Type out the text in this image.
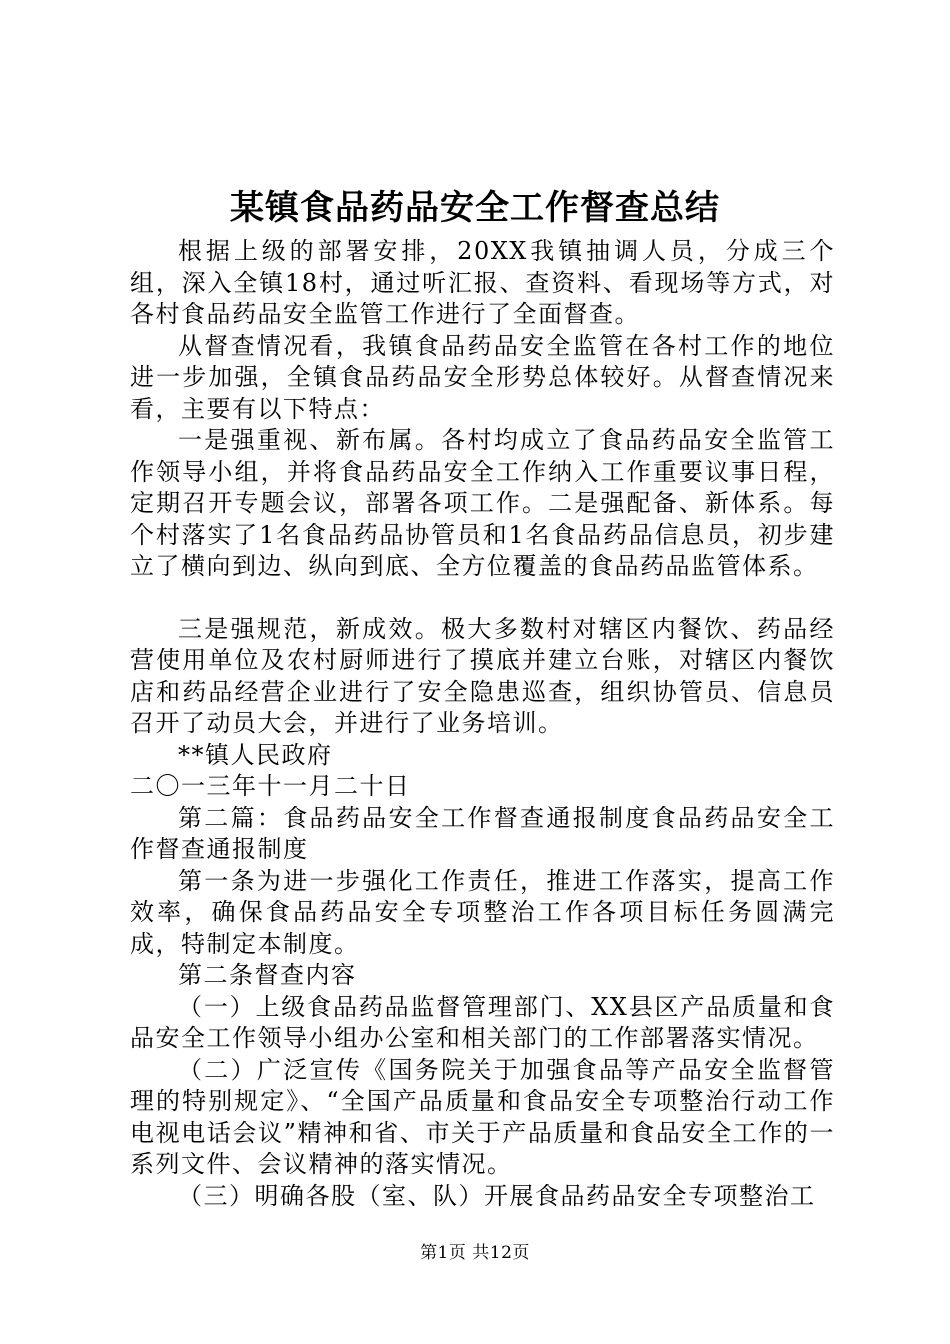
某镇食品药品安全工作督查总结

根据上级的部署安排，20XX我镇抽调人员，分成三个组，深入全镇18村，通过听汇报、查资料、看现场等方式，对各村食品药品安全监管工作进行了全面督查。

从督查情况看，我镇食品药品安全监管在各村工作的地位进一步加强，全镇食品药品安全形势总体较好。从督查情况来看，主要有以下特点：

一是强重视、新布属。各村均成立了食品药品安全监管工作领导小组，并将食品药品安全工作纳入工作重要议事日程，定期召开专题会议，部署各项工作。二是强配备、新体系。每个村落实了1名食品药品协管员和1名食品药品信息员，初步建立了横向到边、纵向到底、全方位覆盖的食品药品监管体系。

三是强规范，新成效。极大多数村对辖区内餐饮、药品经营使用单位及农村厨师进行了摸底并建立台账，对辖区内餐饮店和药品经营企业进行了安全隐患巡查，组织协管员、信息员召开了动员大会，并进行了业务培训。

**镇人民政府

二〇一三年十一月二十日

第二篇：食品药品安全工作督查通报制度食品药品安全工作督查通报制度

第一条为进一步强化工作责任，推进工作落实，提高工作效率，确保食品药品安全专项整治工作各项目标任务圆满完成，特制定本制度。

第二条督查内容

（一）上级食品药品监督管理部门、XX县区产品质量和食品安全工作领导小组办公室和相关部门的工作部署落实情况。

（二）广泛宣传《国务院关于加强食品等产品安全监督管理的特别规定》、“全国产品质量和食品安全专项整治行动工作电视电话会议”精神和省、市关于产品质量和食品安全工作的一系列文件、会议精神的落实情况。

（三）明确各股（室、队）开展食品药品安全专项整治工

第1页 共12页
